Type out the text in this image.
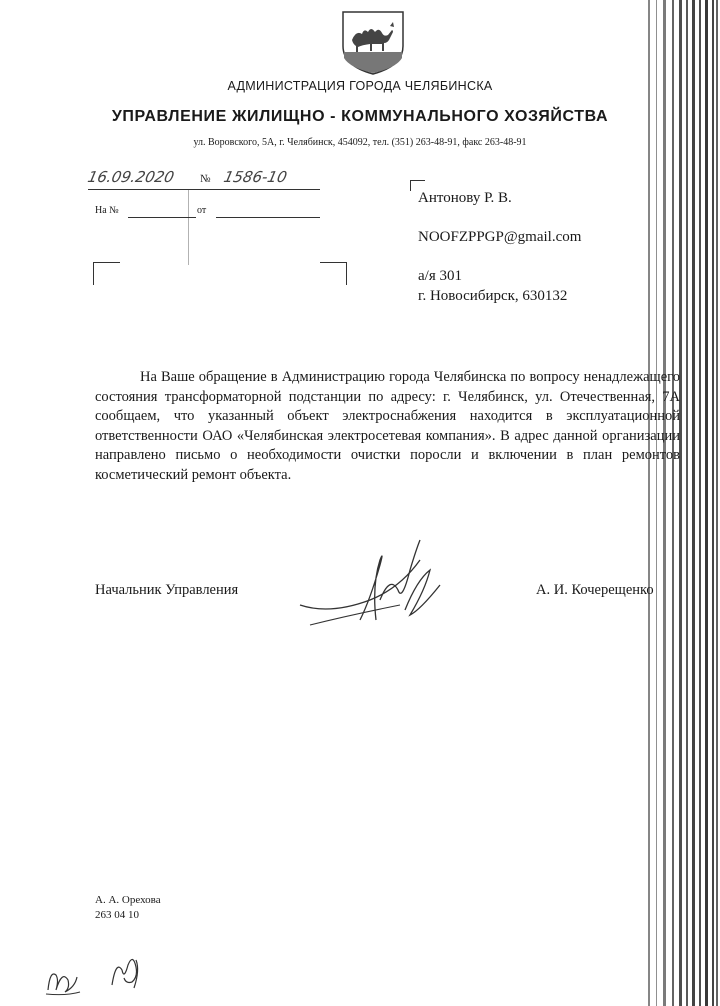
АДМИНИСТРАЦИЯ ГОРОДА ЧЕЛЯБИНСКА
УПРАВЛЕНИЕ ЖИЛИЩНО - КОММУНАЛЬНОГО ХОЗЯЙСТВА
ул. Воровского, 5А, г. Челябинск, 454092, тел. (351) 263-48-91, факс 263-48-91
16.09.2020 № 1586-10
На №	от
Антонову Р. В.
NOOFZPPGP@gmail.com
а/я 301
г. Новосибирск, 630132
На Ваше обращение в Администрацию города Челябинска по вопросу ненадлежащего состояния трансформаторной подстанции по адресу: г. Челябинск, ул. Отечественная, 7А сообщаем, что указанный объект электроснабжения находится в эксплуатационной ответственности ОАО «Челябинская электросетевая компания». В адрес данной организации направлено письмо о необходимости очистки поросли и включении в план ремонтов косметический ремонт объекта.
Начальник Управления	А. И. Кочерещенко
А. А. Орехова
263 04 10
